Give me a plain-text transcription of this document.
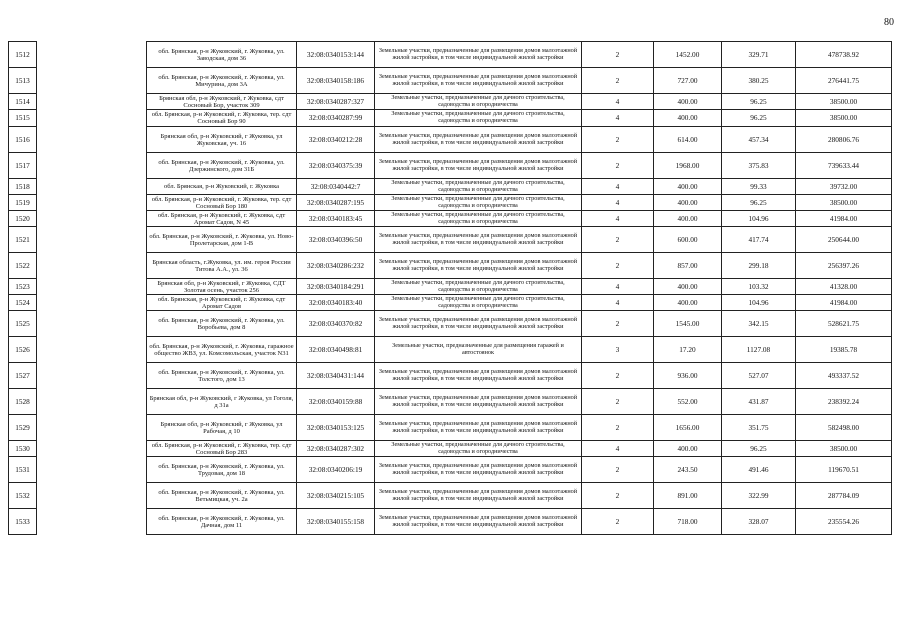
80
1512		обл. Брянская, р-н Жуковский, г. Жуковка, ул. Заводская, дом 36	32:08:0340153:144	Земельные участки, предназначенные для размещения домов малоэтажной жилой застройки, в том числе индивидуальной жилой застройки	2	1452.00	329.71	478738.92
1513		обл. Брянская, р-н Жуковский, г. Жуковка, ул. Мичурина, дом 3А	32:08:0340158:186	Земельные участки, предназначенные для размещения домов малоэтажной жилой застройки, в том числе индивидуальной жилой застройки	2	727.00	380.25	276441.75
1514		Брянская обл, р-н Жуковский, г Жуковка, сдт Сосновый Бор, участок 309	32:08:0340287:327	Земельные участки, предназначенные для дачного строительства, садоводства и огородничества	4	400.00	96.25	38500.00
1515		обл. Брянская, р-н Жуковский, г. Жуковка, тер. сдт Сосновый Бор 90	32:08:0340287:99	Земельные участки, предназначенные для дачного строительства, садоводства и огородничества	4	400.00	96.25	38500.00
1516		Брянская обл, р-н Жуковский, г Жуковка, ул Жуковская, уч. 16	32:08:0340212:28	Земельные участки, предназначенные для размещения домов малоэтажной жилой застройки, в том числе индивидуальной жилой застройки	2	614.00	457.34	280806.76
1517		обл. Брянская, р-н Жуковский, г. Жуковка, ул. Дзержинского, дом 31Б	32:08:0340375:39	Земельные участки, предназначенные для размещения домов малоэтажной жилой застройки, в том числе индивидуальной жилой застройки	2	1968.00	375.83	739633.44
1518		обл. Брянская, р-н Жуковский, г. Жуковка	32:08:0340442:7	Земельные участки, предназначенные для дачного строительства, садоводства и огородничества	4	400.00	99.33	39732.00
1519		обл. Брянская, р-н Жуковский, г. Жуковка, тер. сдт Сосновый Бор 180	32:08:0340287:195	Земельные участки, предназначенные для дачного строительства, садоводства и огородничества	4	400.00	96.25	38500.00
1520		обл. Брянская, р-н Жуковский, г. Жуковка, сдт Аромат Садов, N 45	32:08:0340183:45	Земельные участки, предназначенные для дачного строительства, садоводства и огородничества	4	400.00	104.96	41984.00
1521		обл. Брянская, р-н Жуковский, г. Жуковка, ул. Ново-Пролетарская, дом 1-В	32:08:0340396:50	Земельные участки, предназначенные для размещения домов малоэтажной жилой застройки, в том числе индивидуальной жилой застройки	2	600.00	417.74	250644.00
1522		Брянская область, г.Жуковка, ул. им. героя России Титова А.А., ул. 36	32:08:0340286:232	Земельные участки, предназначенные для размещения домов малоэтажной жилой застройки, в том числе индивидуальной жилой застройки	2	857.00	299.18	256397.26
1523		Брянская обл, р-н Жуковский, г Жуковка, СДТ Золотая осень, участок 256	32:08:0340184:291	Земельные участки, предназначенные для дачного строительства, садоводства и огородничества	4	400.00	103.32	41328.00
1524		обл. Брянская, р-н Жуковский, г. Жуковка, сдт Аромат Садов	32:08:0340183:40	Земельные участки, предназначенные для дачного строительства, садоводства и огородничества	4	400.00	104.96	41984.00
1525		обл. Брянская, р-н Жуковский, г. Жуковка, ул. Воробьева, дом 8	32:08:0340370:82	Земельные участки, предназначенные для размещения домов малоэтажной жилой застройки, в том числе индивидуальной жилой застройки	2	1545.00	342.15	528621.75
1526		обл. Брянская, р-н Жуковский, г. Жуковка, гаражное общество ЖВЗ, ул. Комсомольская, участок N31	32:08:0340498:81	Земельные участки, предназначенные для размещения гаражей и автостоянок	3	17.20	1127.08	19385.78
1527		обл. Брянская, р-н Жуковский, г. Жуковка, ул. Толстого, дом 13	32:08:0340431:144	Земельные участки, предназначенные для размещения домов малоэтажной жилой застройки, в том числе индивидуальной жилой застройки	2	936.00	527.07	493337.52
1528		Брянская обл, р-н Жуковский, г Жуковка, ул Гоголя, д 31а	32:08:0340159:88	Земельные участки, предназначенные для размещения домов малоэтажной жилой застройки, в том числе индивидуальной жилой застройки	2	552.00	431.87	238392.24
1529		Брянская обл, р-н Жуковский, г Жуковка, ул Рабочая, д 10	32:08:0340153:125	Земельные участки, предназначенные для размещения домов малоэтажной жилой застройки, в том числе индивидуальной жилой застройки	2	1656.00	351.75	582498.00
1530		обл. Брянская, р-н Жуковский, г. Жуковка, тер. сдт Сосновый Бор 283	32:08:0340287:302	Земельные участки, предназначенные для дачного строительства, садоводства и огородничества	4	400.00	96.25	38500.00
1531		обл. Брянская, р-н Жуковский, г. Жуковка, ул. Трудовая, дом 18	32:08:0340206:19	Земельные участки, предназначенные для размещения домов малоэтажной жилой застройки, в том числе индивидуальной жилой застройки	2	243.50	491.46	119670.51
1532		обл. Брянская, р-н Жуковский, г. Жуковка, ул. Ветьмицкая, уч. 2а	32:08:0340215:105	Земельные участки, предназначенные для размещения домов малоэтажной жилой застройки, в том числе индивидуальной жилой застройки	2	891.00	322.99	287784.09
1533		обл. Брянская, р-н Жуковский, г. Жуковка, ул. Дачная, дом 11	32:08:0340155:158	Земельные участки, предназначенные для размещения домов малоэтажной жилой застройки, в том числе индивидуальной жилой застройки	2	718.00	328.07	235554.26
